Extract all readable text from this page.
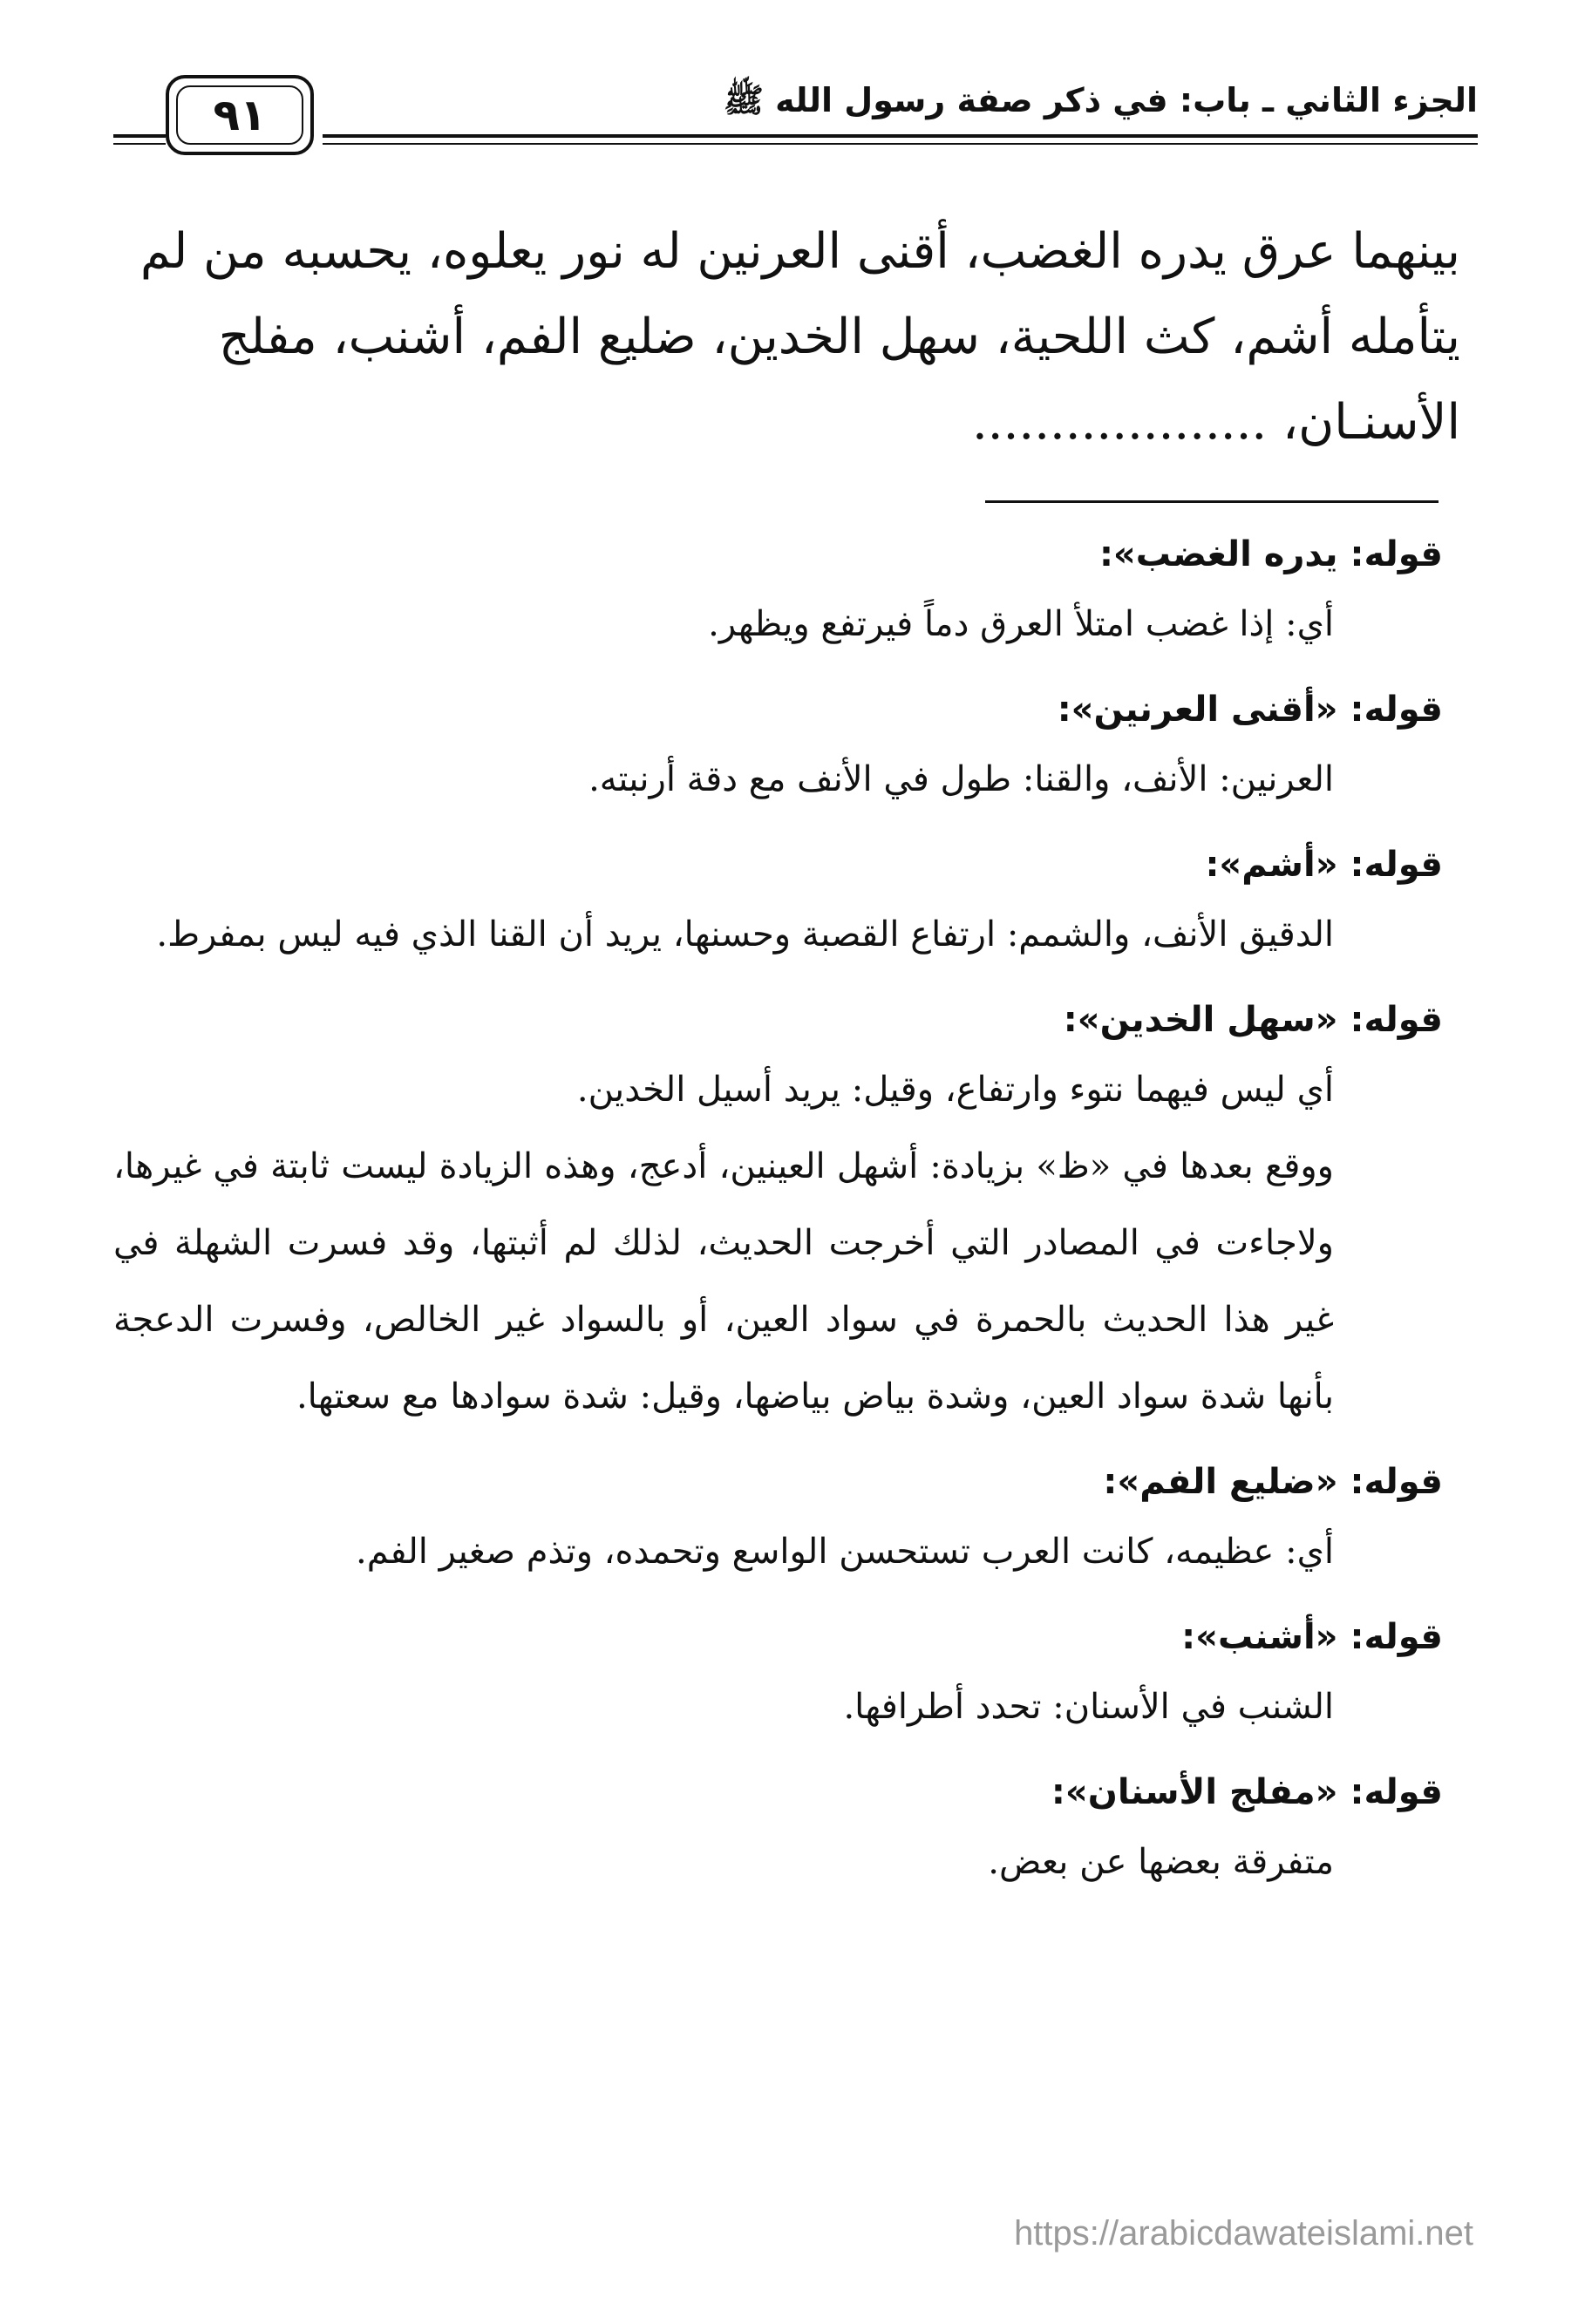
الجزء الثاني ـ باب: في ذكر صفة رسول الله ﷺ
٩١
بينهما عرق يدره الغضب، أقنى العرنين له نور يعلوه، يحسبه من لم
يتأمله أشم، كث اللحية، سهل الخدين، ضليع الفم، أشنب، مفلج
الأسنـان، ...................
قوله: يدره الغضب»:
أي: إذا غضب امتلأ العرق دماً فيرتفع ويظهر.
قوله: «أقنى العرنين»:
العرنين: الأنف، والقنا: طول في الأنف مع دقة أرنبته.
قوله: «أشم»:
الدقيق الأنف، والشمم: ارتفاع القصبة وحسنها، يريد أن القنا الذي فيه ليس بمفرط.
قوله: «سهل الخدين»:
أي ليس فيهما نتوء وارتفاع، وقيل: يريد أسيل الخدين.
ووقع بعدها في «ظ» بزيادة: أشهل العينين، أدعج، وهذه الزيادة ليست ثابتة في غيرها، ولاجاءت في المصادر التي أخرجت الحديث، لذلك لم أثبتها، وقد فسرت الشهلة في غير هذا الحديث بالحمرة في سواد العين، أو بالسواد غير الخالص، وفسرت الدعجة بأنها شدة سواد العين، وشدة بياض بياضها، وقيل: شدة سوادها مع سعتها.
قوله: «ضليع الفم»:
أي: عظيمه، كانت العرب تستحسن الواسع وتحمده، وتذم صغير الفم.
قوله: «أشنب»:
الشنب في الأسنان: تحدد أطرافها.
قوله: «مفلج الأسنان»:
متفرقة بعضها عن بعض.
https://arabicdawateislami.net
